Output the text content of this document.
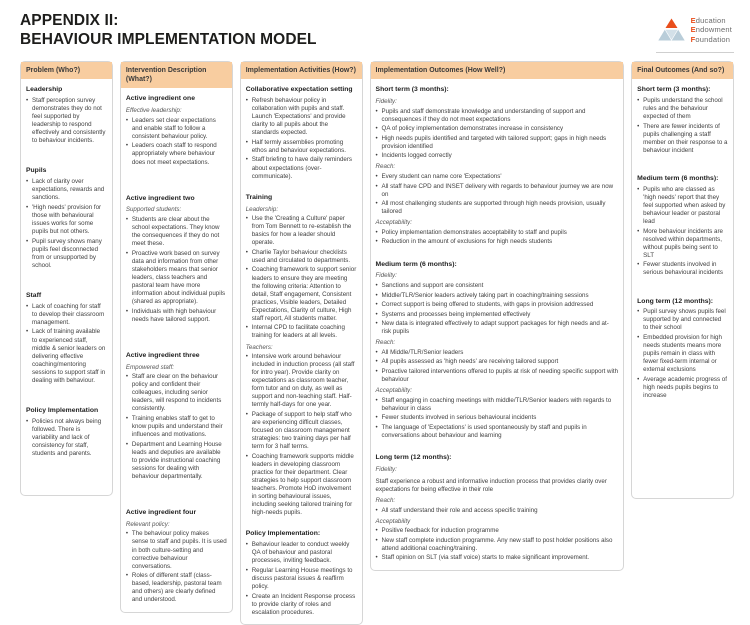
APPENDIX II:
BEHAVIOUR IMPLEMENTATION MODEL
Education
Endowment
Foundation
Problem (Who?)
Leadership
• Staff perception survey demonstrates they do not feel supported by leadership to respond effectively and consistently to behaviour incidents.
Pupils
• Lack of clarity over expectations, rewards and sanctions.
• 'High needs' provision for those with behavioural issues works for some pupils but not others.
• Pupil survey shows many pupils feel disconnected from or unsupported by school.
Staff
• Lack of coaching for staff to develop their classroom management.
• Lack of training available to experienced staff, middle & senior leaders on delivering effective coaching/mentoring sessions to support staff in dealing with behaviour.
Policy Implementation
• Policies not always being followed. There is variability and lack of consistency for staff, students and parents.
Intervention Description (What?)
Active ingredient one
Effective leadership:
• Leaders set clear expectations and enable staff to follow a consistent behaviour policy.
• Leaders coach staff to respond appropriately where behaviour does not meet expectations.
Active ingredient two
Supported students:
• Students are clear about the school expectations. They know the consequences if they do not meet these.
• Proactive work based on survey data and information from other stakeholders means that senior leaders, class teachers and pastoral team have more information about individual pupils (shared as appropriate).
• Individuals with high behaviour needs have tailored support.
Active ingredient three
Empowered staff:
• Staff are clear on the behaviour policy and confident their colleagues, including senior leaders, will respond to incidents consistently.
• Training enables staff to get to know pupils and understand their influences and motivations.
• Department and Learning House leads and deputies are available to provide instructional coaching sessions for dealing with behaviour departmentally.
Active ingredient four
Relevant policy:
• The behaviour policy makes sense to staff and pupils. It is used in both culture-setting and corrective behaviour conversations.
• Roles of different staff (class-based, leadership, pastoral team and others) are clearly defined and understood.
Implementation Activities (How?)
Collaborative expectation setting
• Refresh behaviour policy in collaboration with pupils and staff. Launch 'Expectations' and provide clarity to all pupils about the standards expected.
• Half termly assemblies promoting ethos and behaviour expectations.
• Staff briefing to have daily reminders about expectations (over-communicate).
Training
Leadership:
• Use the 'Creating a Culture' paper from Tom Bennett to re-establish the basics for how a leader should operate.
• Charlie Taylor behaviour checklists used and circulated to departments.
• Coaching framework to support senior leaders to ensure they are meeting the following criteria: Attention to detail, Staff engagement, Consistent practices, Visible leaders, Detailed Expectations, Clarity of culture, High staff report, All students matter.
• Internal CPD to facilitate coaching training for leaders at all levels.
Teachers:
• Intensive work around behaviour included in induction process (all staff for intro year). Provide clarity on expectations as classroom teacher, form tutor and on duty, as well as support and non-teaching staff. Half-termly half-days for one year.
• Package of support to help staff who are experiencing difficult classes, focused on classroom management strategies: two training days per half term for 3 half terms.
• Coaching framework supports middle leaders in developing classroom practice for their department. Clear strategies to help support classroom teachers. Promote HoD involvement in sorting behavioural issues, including seeking tailored training for high-needs pupils.
Policy Implementation:
• Behaviour leader to conduct weekly QA of behaviour and pastoral processes, inviting feedback.
• Regular Learning House meetings to discuss pastoral issues & reaffirm policy.
• Create an Incident Response process to provide clarity of roles and escalation procedures.
Implementation Outcomes (How Well?)
Short term (3 months):
Fidelity:
• Pupils and staff demonstrate knowledge and understanding of support and consequences if they do not meet expectations
• QA of policy implementation demonstrates increase in consistency
• High needs pupils identified and targeted with tailored support; gaps in high needs provision identified
• Incidents logged correctly
Reach:
• Every student can name core 'Expectations'
• All staff have CPD and INSET delivery with regards to behaviour journey we are now on
• All most challenging students are supported through high needs provision, usually tailored
Acceptability:
• Policy implementation demonstrates acceptability to staff and pupils
• Reduction in the amount of exclusions for high needs students
Medium term (6 months):
Fidelity:
• Sanctions and support are consistent
• Middle/TLR/Senior leaders actively taking part in coaching/training sessions
• Correct support is being offered to students, with gaps in provision addressed
• Systems and processes being implemented effectively
• New data is integrated effectively to adapt support packages for high needs and at-risk pupils
Reach:
• All Middle/TLR/Senior leaders
• All pupils assessed as 'high needs' are receiving tailored support
• Proactive tailored interventions offered to pupils at risk of needing specific support with behaviour
Acceptability:
• Staff engaging in coaching meetings with middle/TLR/Senior leaders with regards to behaviour in class
• Fewer students involved in serious behavioural incidents
• The language of 'Expectations' is used spontaneously by staff and pupils in conversations about behaviour and learning
Long term (12 months):
Fidelity:
Staff experience a robust and informative induction process that provides clarity over expectations for being effective in their role
Reach:
• All staff understand their role and access specific training
Acceptability
• Positive feedback for induction programme
• New staff complete induction programme. Any new staff to post holder positions also attend additional coaching/training.
• Staff opinion on SLT (via staff voice) starts to make significant improvement.
Final Outcomes (And so?)
Short term (3 months):
• Pupils understand the school rules and the behaviour expected of them
• There are fewer incidents of pupils challenging a staff member on their response to a behaviour incident
Medium term (6 months):
• Pupils who are classed as 'high needs' report that they feel supported when asked by behaviour leader or pastoral lead
• More behaviour incidents are resolved within departments, without pupils being sent to SLT
• Fewer students involved in serious behavioural incidents
Long term (12 months):
• Pupil survey shows pupils feel supported by and connected to their school
• Embedded provision for high needs students means more pupils remain in class with fewer fixed-term internal or external exclusions
• Average academic progress of high needs pupils begins to increase
